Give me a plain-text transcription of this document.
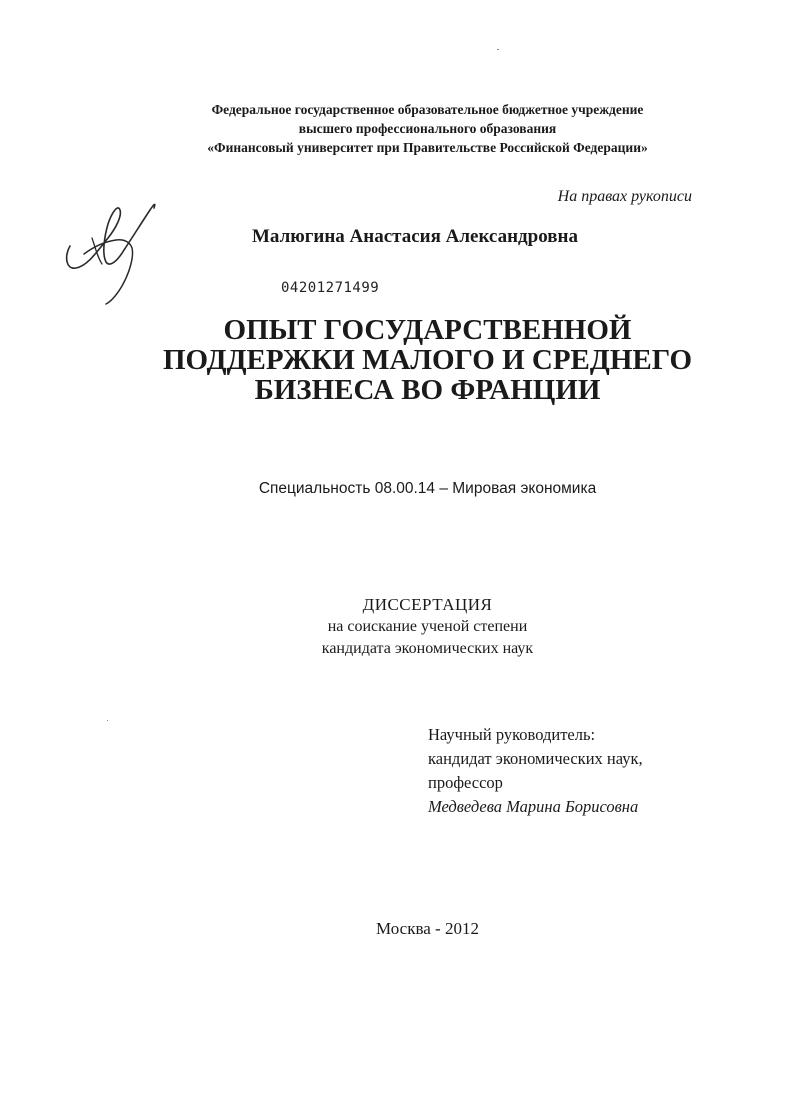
Федеральное государственное образовательное бюджетное учреждение
высшего профессионального образования
«Финансовый университет при Правительстве Российской Федерации»
На правах рукописи
Малюгина Анастасия Александровна
04201271499
ОПЫТ ГОСУДАРСТВЕННОЙ
ПОДДЕРЖКИ МАЛОГО И СРЕДНЕГО
БИЗНЕСА ВО ФРАНЦИИ
Специальность 08.00.14 – Мировая экономика
ДИССЕРТАЦИЯ
на соискание ученой степени
кандидата экономических наук
Научный руководитель:
кандидат экономических наук,
профессор
Медведева Марина Борисовна
Москва - 2012
